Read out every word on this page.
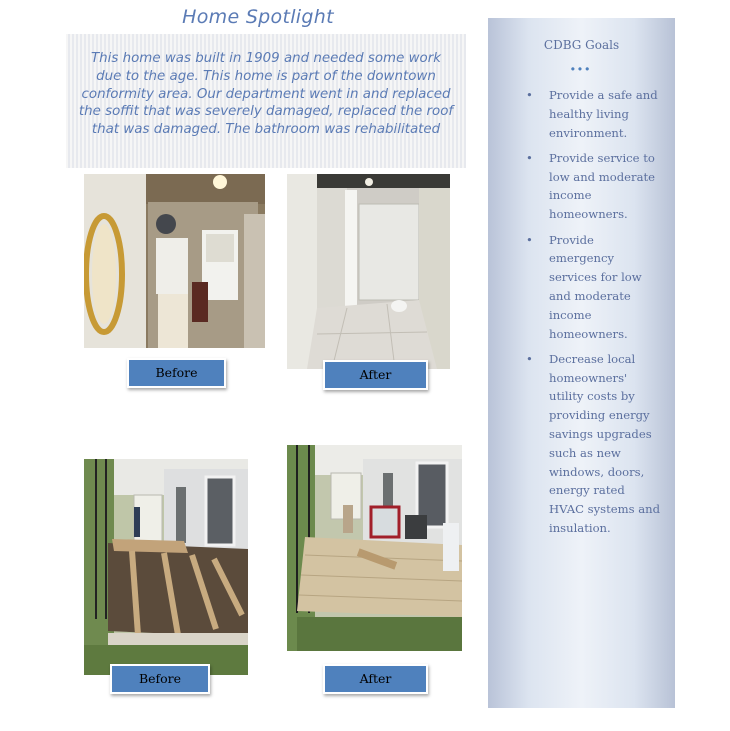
Home Spotlight
This home was built in 1909 and needed some work due to the age. This home is part of the downtown conformity area. Our department went in and replaced the soffit that was severely damaged, replaced the roof that was damaged. The bathroom was rehabilitated
Before	After
Before	After
CDBG Goals
•••
• Provide a safe and healthy living environment.
• Provide service to low and moderate income homeowners.
• Provide emergency services for low and moderate income homeowners.
• Decrease local homeowners' utility costs by providing energy savings upgrades such as new windows, doors, energy rated HVAC systems and insulation.
